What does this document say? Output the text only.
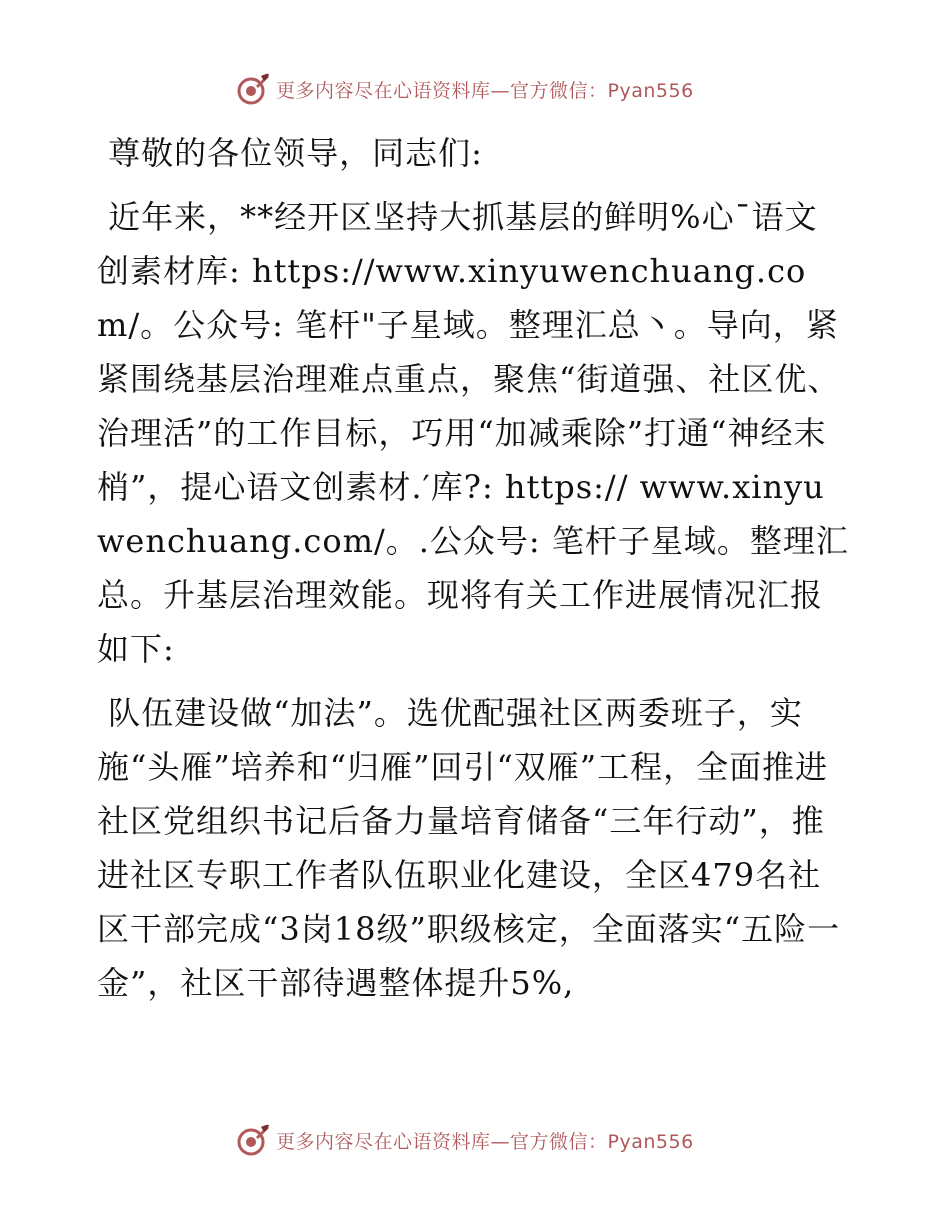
更多内容尽在心语资料库—官方微信：Pyan556

尊敬的各位领导，同志们:

近年来，**经开区坚持大抓基层的鲜明%心¯语文创素材库: https://www.xinyuwenchuang.com/。公众号: 笔杆"子星域。整理汇总丶。导向，紧紧围绕基层治理难点重点，聚焦“街道强、社区优、治理活”的工作目标，巧用“加减乘除”打通“神经末梢”，提心语文创素材.′库?: https:// www.xinyuwenchuang.com/。.公众号: 笔杆子星域。整理汇总。升基层治理效能。现将有关工作进展情况汇报如下:

队伍建设做“加法”。选优配强社区两委班子，实施“头雁”培养和“归雁”回引“双雁”工程，全面推进社区党组织书记后备力量培育储备“三年行动”，推进社区专职工作者队伍职业化建设，全区479名社区干部完成“3岗18级”职级核定，全面落实“五险一金”，社区干部待遇整体提升5%,

更多内容尽在心语资料库—官方微信：Pyan556
